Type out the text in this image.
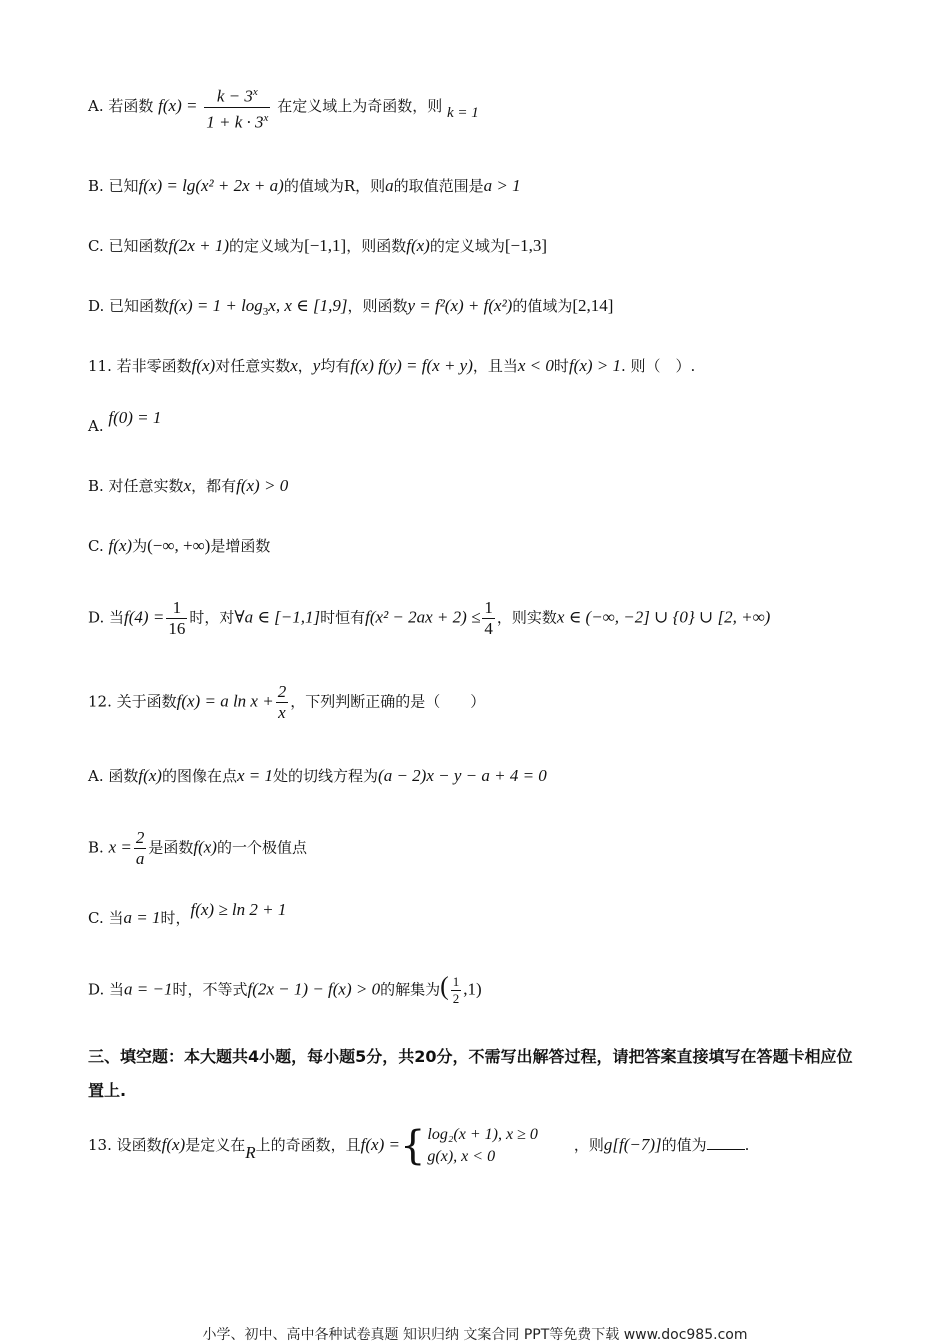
A. 若函数 $f(x) = \frac{k - 3^x}{1 + k \cdot 3^x}$ 在定义域上为奇函数，则 k = 1
B. 已知f(x) = lg(x² + 2x + a)的值域为R，则a的取值范围是a > 1
C. 已知函数f(2x + 1)的定义域为[−1,1]，则函数f(x)的定义域为[−1,3]
D. 已知函数$f(x) = 1 + \log_3x$, x ∈ [1,9]，则函数y = f²(x) + f(x²)的值域为[2,14]
11. 若非零函数f(x)对任意实数x，y均有f(x) f(y) = f(x + y)，且当x < 0时f(x) > 1. 则（　）.
A. f(0) = 1
B. 对任意实数x，都有f(x) > 0
C. f(x)为(−∞, +∞)是增函数
D. 当$f(4) = \frac{1}{16}$ 时，对∀a ∈ [−1,1]时恒有$f(x^2 - 2ax + 2) \le \frac{1}{4}$ ，则实数x ∈ (−∞, −2] ∪ {0} ∪ [2, +∞)
12. 关于函数f(x) = a $\ln x + \frac{2}{x}$ ，下列判断正确的是（　　）
A. 函数f(x)的图像在点x = 1处的切线方程为(a − 2)x − y − a + 4 = 0
B. $x = \frac{2}{a}$ 是函数f(x)的一个极值点
C. 当a = 1时，f(x) ≥ ln 2 + 1
D. 当a = −1时，不等式f(2x − 1) − f(x) > 0的解集为( $\frac{1}{2} ,1$)
三、填空题：本大题共4小题，每小题5分，共20分，不需写出解答过程，请把答案直接填写在答题卡相应位置上.
13. 设函数f(x)是定义在R上的奇函数，且f(x) = { log₂(x + 1), x ≥ 0
g(x), x < 0
，则g[f(−7)]的值为	.
小学、初中、高中各种试卷真题 知识归纳 文案合同 PPT等免费下载 www.doc985.com
